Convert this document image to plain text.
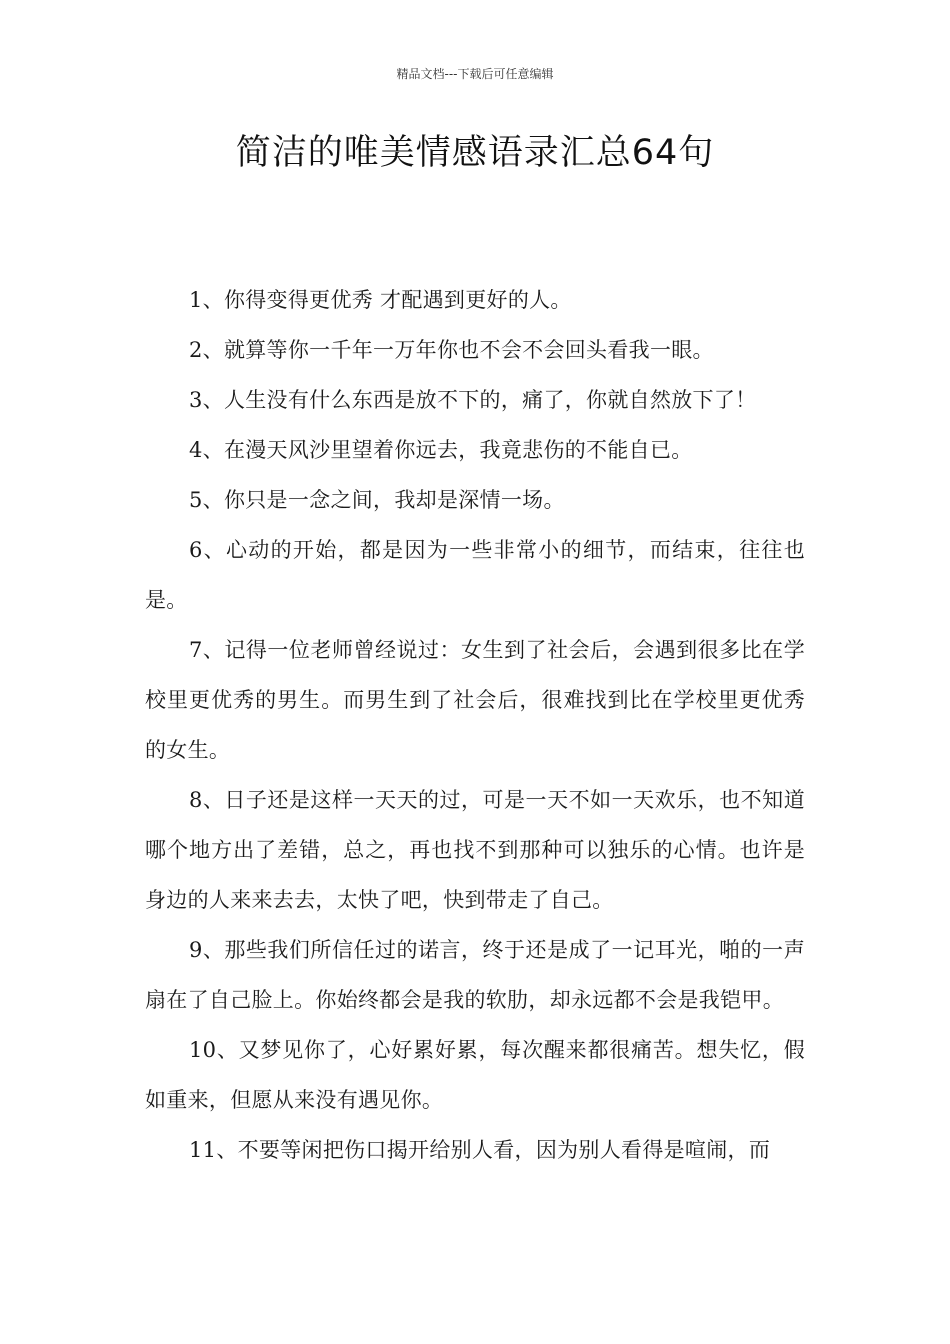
精品文档---下载后可任意编辑
简洁的唯美情感语录汇总64句

1、你得变得更优秀 才配遇到更好的人。

2、就算等你一千年一万年你也不会不会回头看我一眼。

3、人生没有什么东西是放不下的，痛了，你就自然放下了！

4、在漫天风沙里望着你远去，我竟悲伤的不能自已。

5、你只是一念之间，我却是深情一场。

6、心动的开始，都是因为一些非常小的细节，而结束，往往也是。

7、记得一位老师曾经说过：女生到了社会后，会遇到很多比在学校里更优秀的男生。而男生到了社会后，很难找到比在学校里更优秀的女生。

8、日子还是这样一天天的过，可是一天不如一天欢乐，也不知道哪个地方出了差错，总之，再也找不到那种可以独乐的心情。也许是身边的人来来去去，太快了吧，快到带走了自己。

9、那些我们所信任过的诺言，终于还是成了一记耳光，啪的一声扇在了自己脸上。你始终都会是我的软肋，却永远都不会是我铠甲。

10、又梦见你了，心好累好累，每次醒来都很痛苦。想失忆，假如重来，但愿从来没有遇见你。

11、不要等闲把伤口揭开给别人看，因为别人看得是喧闹，而
